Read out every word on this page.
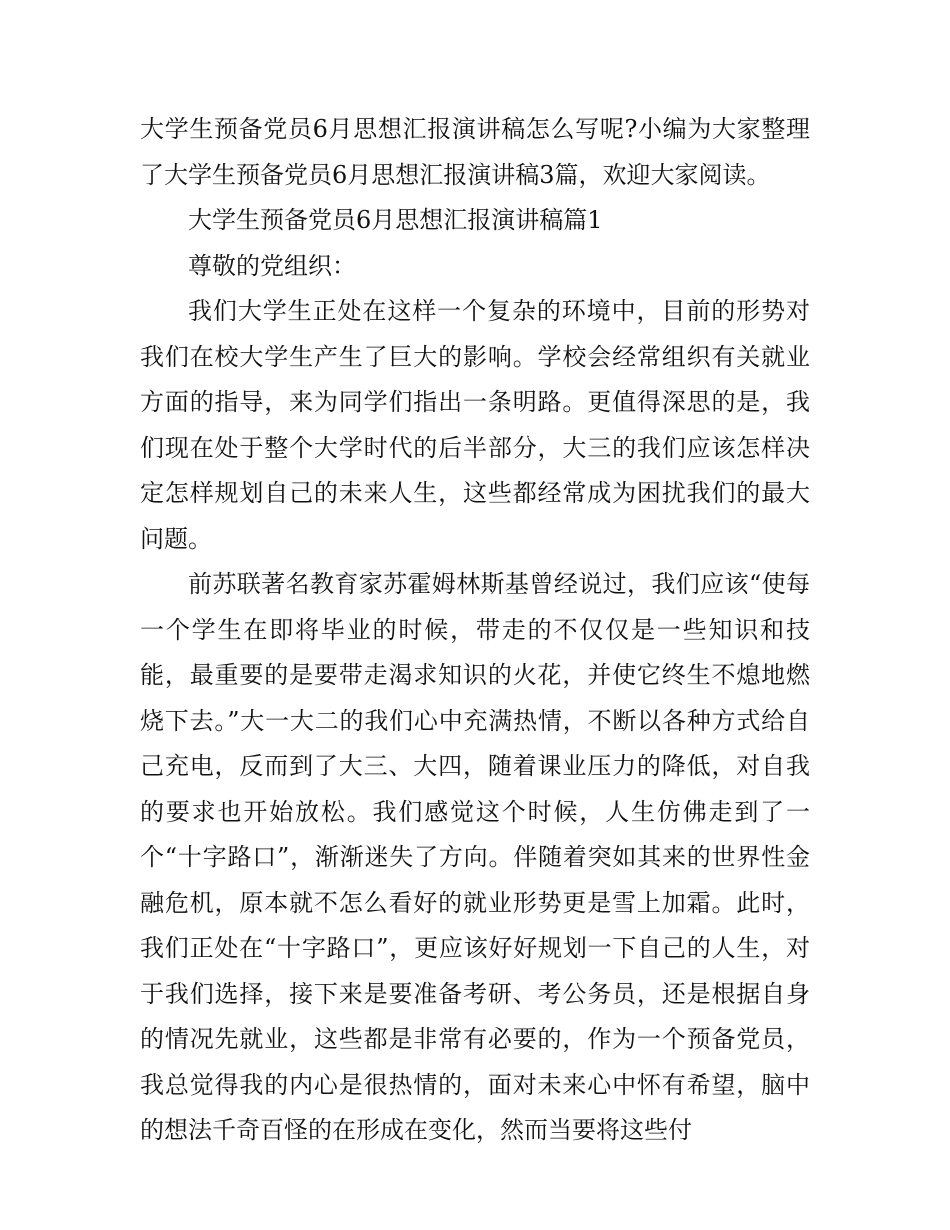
大学生预备党员6月思想汇报演讲稿怎么写呢?小编为大家整理了大学生预备党员6月思想汇报演讲稿3篇，欢迎大家阅读。

大学生预备党员6月思想汇报演讲稿篇1

尊敬的党组织：

我们大学生正处在这样一个复杂的环境中，目前的形势对我们在校大学生产生了巨大的影响。学校会经常组织有关就业方面的指导，来为同学们指出一条明路。更值得深思的是，我们现在处于整个大学时代的后半部分，大三的我们应该怎样决定怎样规划自己的未来人生，这些都经常成为困扰我们的最大问题。

前苏联著名教育家苏霍姆林斯基曾经说过，我们应该“使每一个学生在即将毕业的时候，带走的不仅仅是一些知识和技能，最重要的是要带走渴求知识的火花，并使它终生不熄地燃烧下去。”大一大二的我们心中充满热情，不断以各种方式给自己充电，反而到了大三、大四，随着课业压力的降低，对自我的要求也开始放松。我们感觉这个时候，人生仿佛走到了一个“十字路口”，渐渐迷失了方向。伴随着突如其来的世界性金融危机，原本就不怎么看好的就业形势更是雪上加霜。此时，我们正处在“十字路口”，更应该好好规划一下自己的人生，对于我们选择，接下来是要准备考研、考公务员，还是根据自身的情况先就业，这些都是非常有必要的，作为一个预备党员，我总觉得我的内心是很热情的，面对未来心中怀有希望，脑中的想法千奇百怪的在形成在变化，然而当要将这些付
